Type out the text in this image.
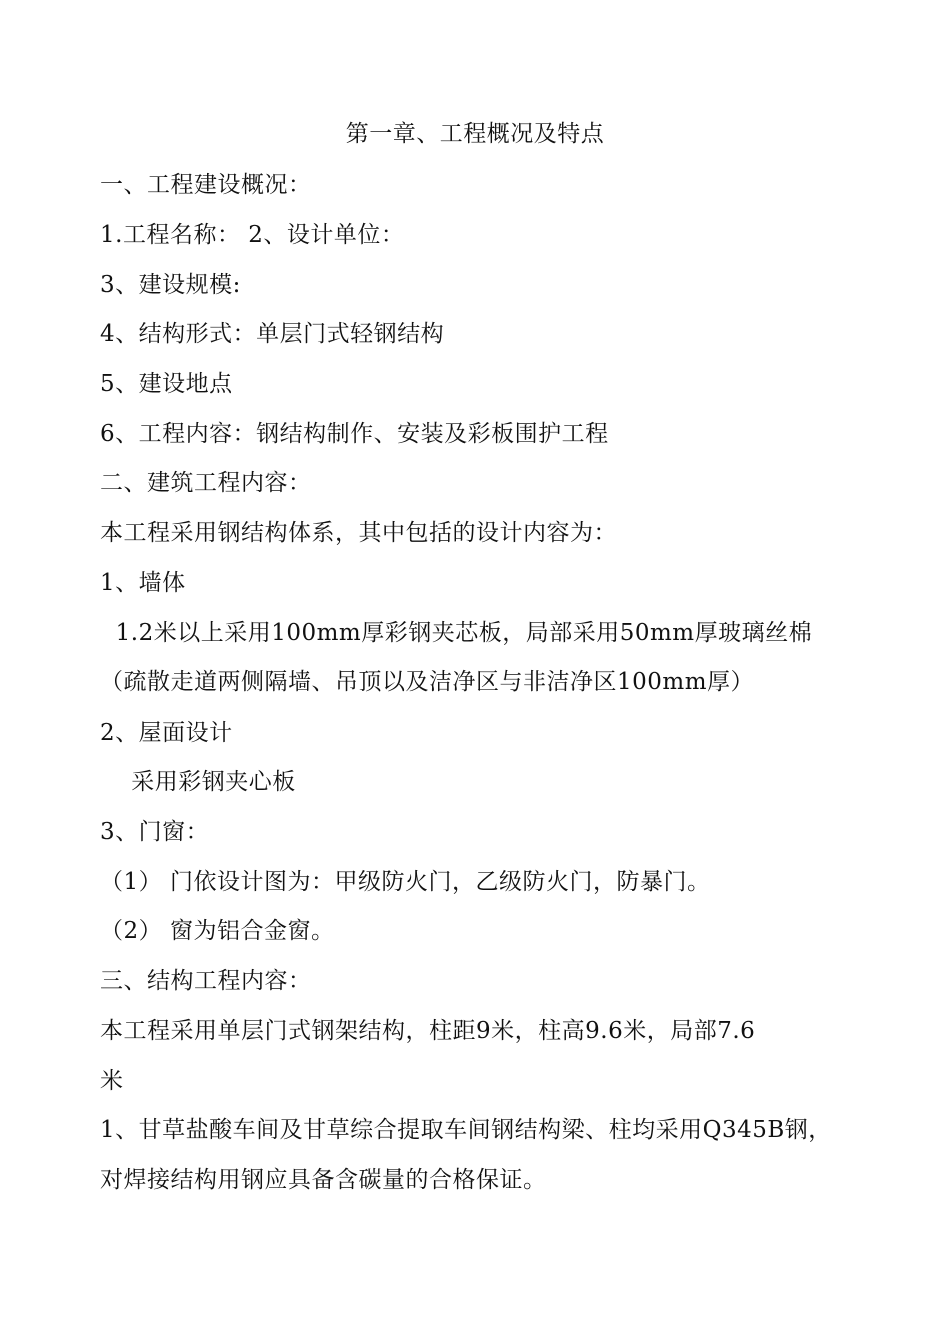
第一章、工程概况及特点
一、工程建设概况：
1.工程名称： 2、设计单位：
3、建设规模:
4、结构形式：单层门式轻钢结构
5、建设地点
6、工程内容：钢结构制作、安装及彩板围护工程
二、建筑工程内容：
本工程采用钢结构体系，其中包括的设计内容为：
1、墙体
1.2米以上采用100mm厚彩钢夹芯板，局部采用50mm厚玻璃丝棉
（疏散走道两侧隔墙、吊顶以及洁净区与非洁净区100mm厚）
2、屋面设计
采用彩钢夹心板
3、门窗：
（1） 门依设计图为：甲级防火门，乙级防火门，防暴门。
（2） 窗为铝合金窗。
三、结构工程内容：
本工程采用单层门式钢架结构，柱距9米，柱高9.6米，局部7.6
米
1、甘草盐酸车间及甘草综合提取车间钢结构梁、柱均采用Q345B钢，
对焊接结构用钢应具备含碳量的合格保证。
